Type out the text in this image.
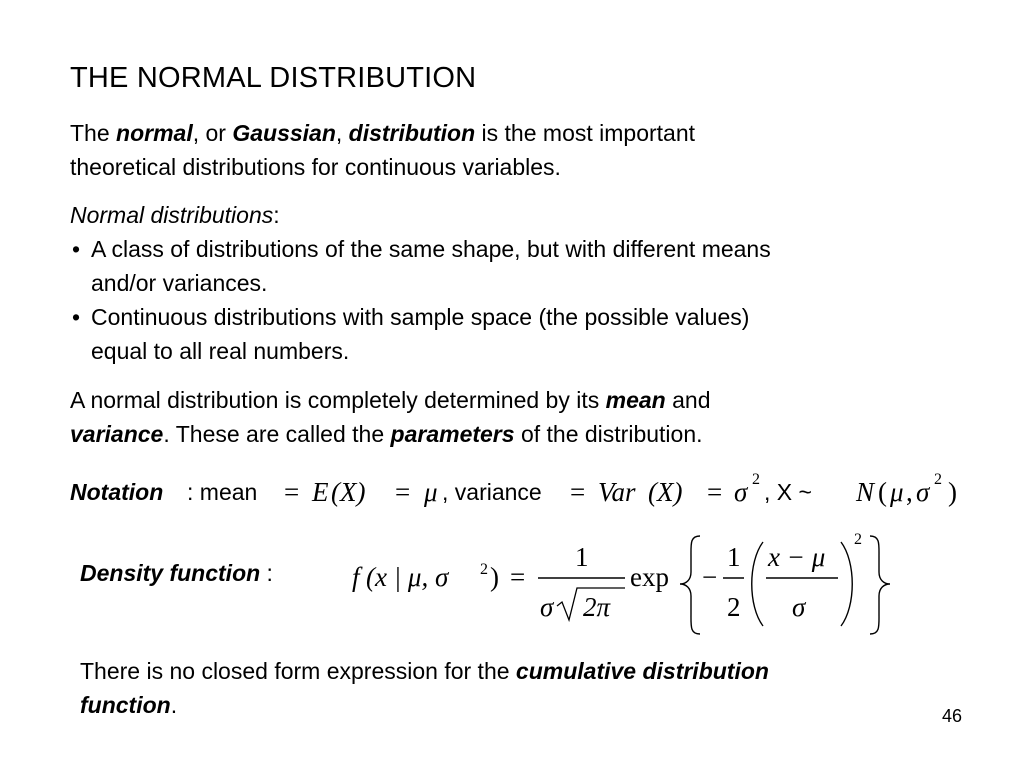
THE NORMAL DISTRIBUTION
The normal, or Gaussian, distribution is the most important
theoretical distributions for continuous variables.
Normal distributions:
• A class of distributions of the same shape, but with different means
and/or variances.
• Continuous distributions with sample space (the possible values)
equal to all real numbers.
A normal distribution is completely determined by its mean and
variance. These are called the parameters of the distribution.
Notation : mean = E (X) = μ , variance = Var (X) = σ 2 , X ~ N ( μ , σ 2 )
Density function :	f (x | μ, σ 2 ) =
1
σ 2π
exp −
1
2
x − μ
σ
2
There is no closed form expression for the cumulative distribution
function.	46
